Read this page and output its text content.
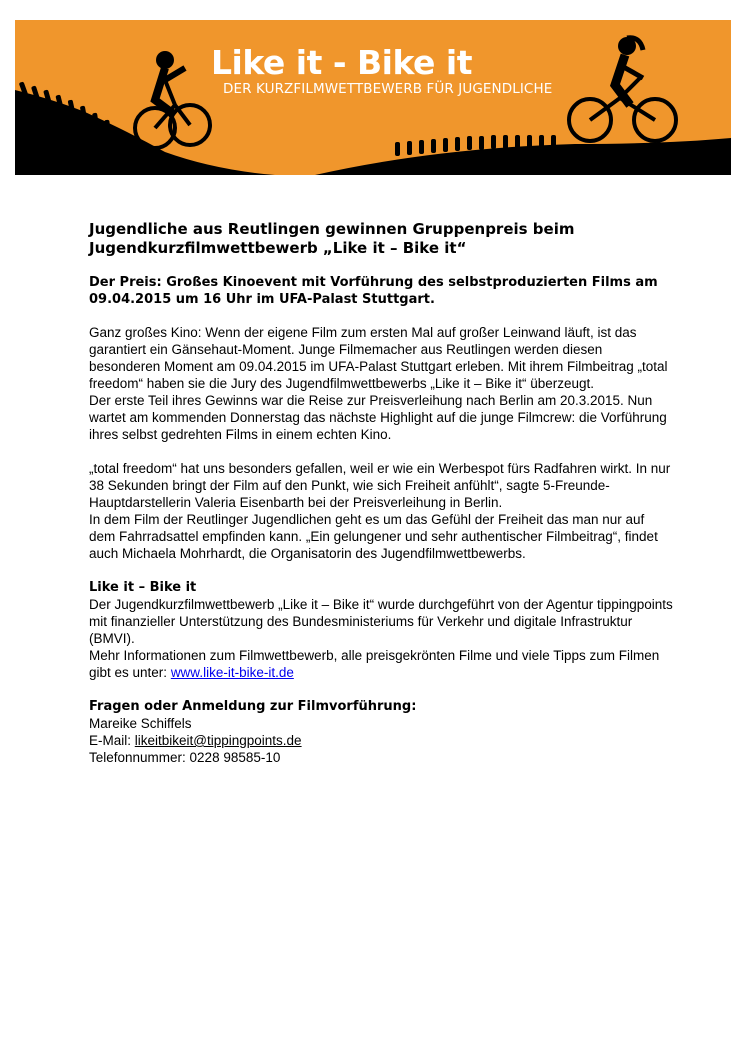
Like it - Bike it
DER KURZFILMWETTBEWERB FÜR JUGENDLICHE
Jugendliche aus Reutlingen gewinnen Gruppenpreis beim Jugendkurzfilmwettbewerb „Like it – Bike it“
Der Preis: Großes Kinoevent mit Vorführung des selbstproduzierten Films am 09.04.2015 um 16 Uhr im UFA-Palast Stuttgart.

Ganz großes Kino: Wenn der eigene Film zum ersten Mal auf großer Leinwand läuft, ist das garantiert ein Gänsehaut-Moment. Junge Filmemacher aus Reutlingen werden diesen besonderen Moment am 09.04.2015 im UFA-Palast Stuttgart erleben. Mit ihrem Filmbeitrag „total freedom“ haben sie die Jury des Jugendfilmwettbewerbs „Like it – Bike it“ überzeugt.

Der erste Teil ihres Gewinns war die Reise zur Preisverleihung nach Berlin am 20.3.2015. Nun wartet am kommenden Donnerstag das nächste Highlight auf die junge Filmcrew: die Vorführung ihres selbst gedrehten Films in einem echten Kino.

„total freedom“ hat uns besonders gefallen, weil er wie ein Werbespot fürs Radfahren wirkt. In nur 38 Sekunden bringt der Film auf den Punkt, wie sich Freiheit anfühlt“, sagte 5-Freunde-Hauptdarstellerin Valeria Eisenbarth bei der Preisverleihung in Berlin.

In dem Film der Reutlinger Jugendlichen geht es um das Gefühl der Freiheit das man nur auf dem Fahrradsattel empfinden kann. „Ein gelungener und sehr authentischer Filmbeitrag“, findet auch Michaela Mohrhardt, die Organisatorin des Jugendfilmwettbewerbs.

Like it – Bike it

Der Jugendkurzfilmwettbewerb „Like it – Bike it“ wurde durchgeführt von der Agentur tippingpoints mit finanzieller Unterstützung des Bundesministeriums für Verkehr und digitale Infrastruktur (BMVI).

Mehr Informationen zum Filmwettbewerb, alle preisgekrönten Filme und viele Tipps zum Filmen gibt es unter: www.like-it-bike-it.de

Fragen oder Anmeldung zur Filmvorführung:

Mareike Schiffels

E-Mail: likeitbikeit@tippingpoints.de

Telefonnummer: 0228 98585-10
